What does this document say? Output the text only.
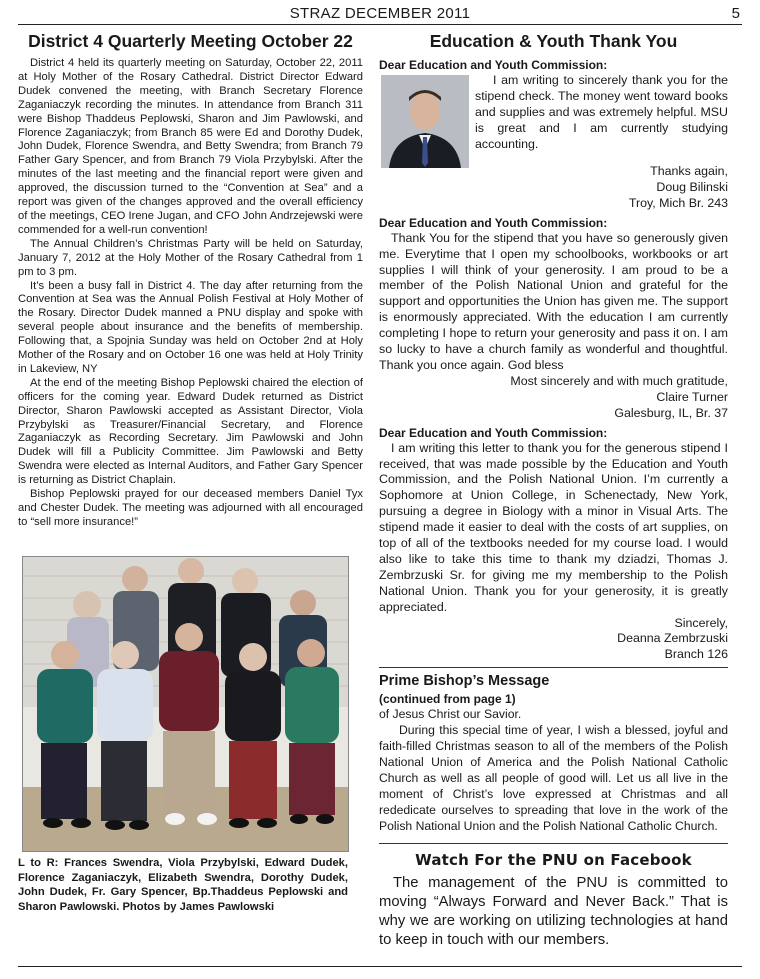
STRAZ DECEMBER 2011	5
District 4 Quarterly Meeting October 22

District 4 held its quarterly meeting on Saturday, October 22, 2011 at Holy Mother of the Rosary Cathedral. District Director Edward Dudek convened the meeting, with Branch Secretary Florence Zaganiaczyk recording the minutes. In attendance from Branch 311 were Bishop Thaddeus Peplowski, Sharon and Jim Pawlowski, and Florence Zaganiaczyk; from Branch 85 were Ed and Dorothy Dudek, John Dudek, Florence Swendra, and Betty Swendra; from Branch 79 Father Gary Spencer, and from Branch 79 Viola Przybylski. After the minutes of the last meeting and the financial report were given and approved, the discussion turned to the “Convention at Sea” and a report was given of the changes approved and the overall efficiency of the meetings, CEO Irene Jugan, and CFO John Andrzejewski were commended for a well-run convention!

The Annual Children’s Christmas Party will be held on Saturday, January 7, 2012 at the Holy Mother of the Rosary Cathedral from 1 pm to 3 pm.

It’s been a busy fall in District 4. The day after returning from the Convention at Sea was the Annual Polish Festival at Holy Mother of the Rosary. Director Dudek manned a PNU display and spoke with several people about insurance and the benefits of membership. Following that, a Spojnia Sunday was held on October 2nd at Holy Mother of the Rosary and on October 16 one was held at Holy Trinity in Lakeview, NY

At the end of the meeting Bishop Peplowski chaired the election of officers for the coming year. Edward Dudek returned as District Director, Sharon Pawlowski accepted as Assistant Director, Viola Przybylski as Treasurer/Financial Secretary, and Florence Zaganiaczyk as Recording Secretary. Jim Pawlowski and John Dudek will fill a Publicity Committee. Jim Pawlowski and Betty Swendra were elected as Internal Auditors, and Father Gary Spencer is returning as District Chaplain.

Bishop Peplowski prayed for our deceased members Daniel Tyx and Chester Dudek. The meeting was adjourned with all encouraged to “sell more insurance!”

L to R: Frances Swendra, Viola Przybylski, Edward Dudek, Florence Zaganiaczyk, Elizabeth Swendra, Dorothy Dudek, John Dudek, Fr. Gary Spencer, Bp.Thaddeus Peplowski and Sharon Pawlowski. Photos by James Pawlowski
Education & Youth Thank You

Dear Education and Youth Commission:

I am writing to sincerely thank you for the stipend check. The money went toward books and supplies and was extremely helpful. MSU is great and I am currently studying accounting.

Thanks again,

Doug Bilinski

Troy, Mich Br. 243

Dear Education and Youth Commission:

Thank You for the stipend that you have so generously given me. Everytime that I open my schoolbooks, workbooks or art supplies I will think of your generosity. I am proud to be a member of the Polish National Union and grateful for the support and opportunities the Union has given me. The support is enormously appreciated. With the education I am currently completing I hope to return your generosity and pass it on. I am so lucky to have a church family as wonderful and thoughtful. Thank you once again. God bless

Most sincerely and with much gratitude,

Claire Turner

Galesburg, IL, Br. 37

Dear Education and Youth Commission:

I am writing this letter to thank you for the generous stipend I received, that was made possible by the Education and Youth Commission, and the Polish National Union. I’m currently a Sophomore at Union College, in Schenectady, New York, pursuing a degree in Biology with a minor in Visual Arts. The stipend made it easier to deal with the costs of art supplies, on top of all of the textbooks needed for my course load. I would also like to take this time to thank my dziadzi, Thomas J. Zembrzuski Sr. for giving me my membership to the Polish National Union. Thank you for your generosity, it is greatly appreciated.

Sincerely,

Deanna Zembrzuski

Branch 126

Prime Bishop’s Message

(continued from page 1)

of Jesus Christ our Savior.

During this special time of year, I wish a blessed, joyful and faith-filled Christmas season to all of the members of the Polish National Union of America and the Polish National Catholic Church as well as all people of good will. Let us all live in the moment of Christ’s love expressed at Christmas and all rededicate ourselves to spreading that love in the work of the Polish National Union and the Polish National Catholic Church.

Watch For the PNU on Facebook

The management of the PNU is committed to moving “Always Forward and Never Back.” That is why we are working on utilizing technologies at hand to keep in touch with our members.
